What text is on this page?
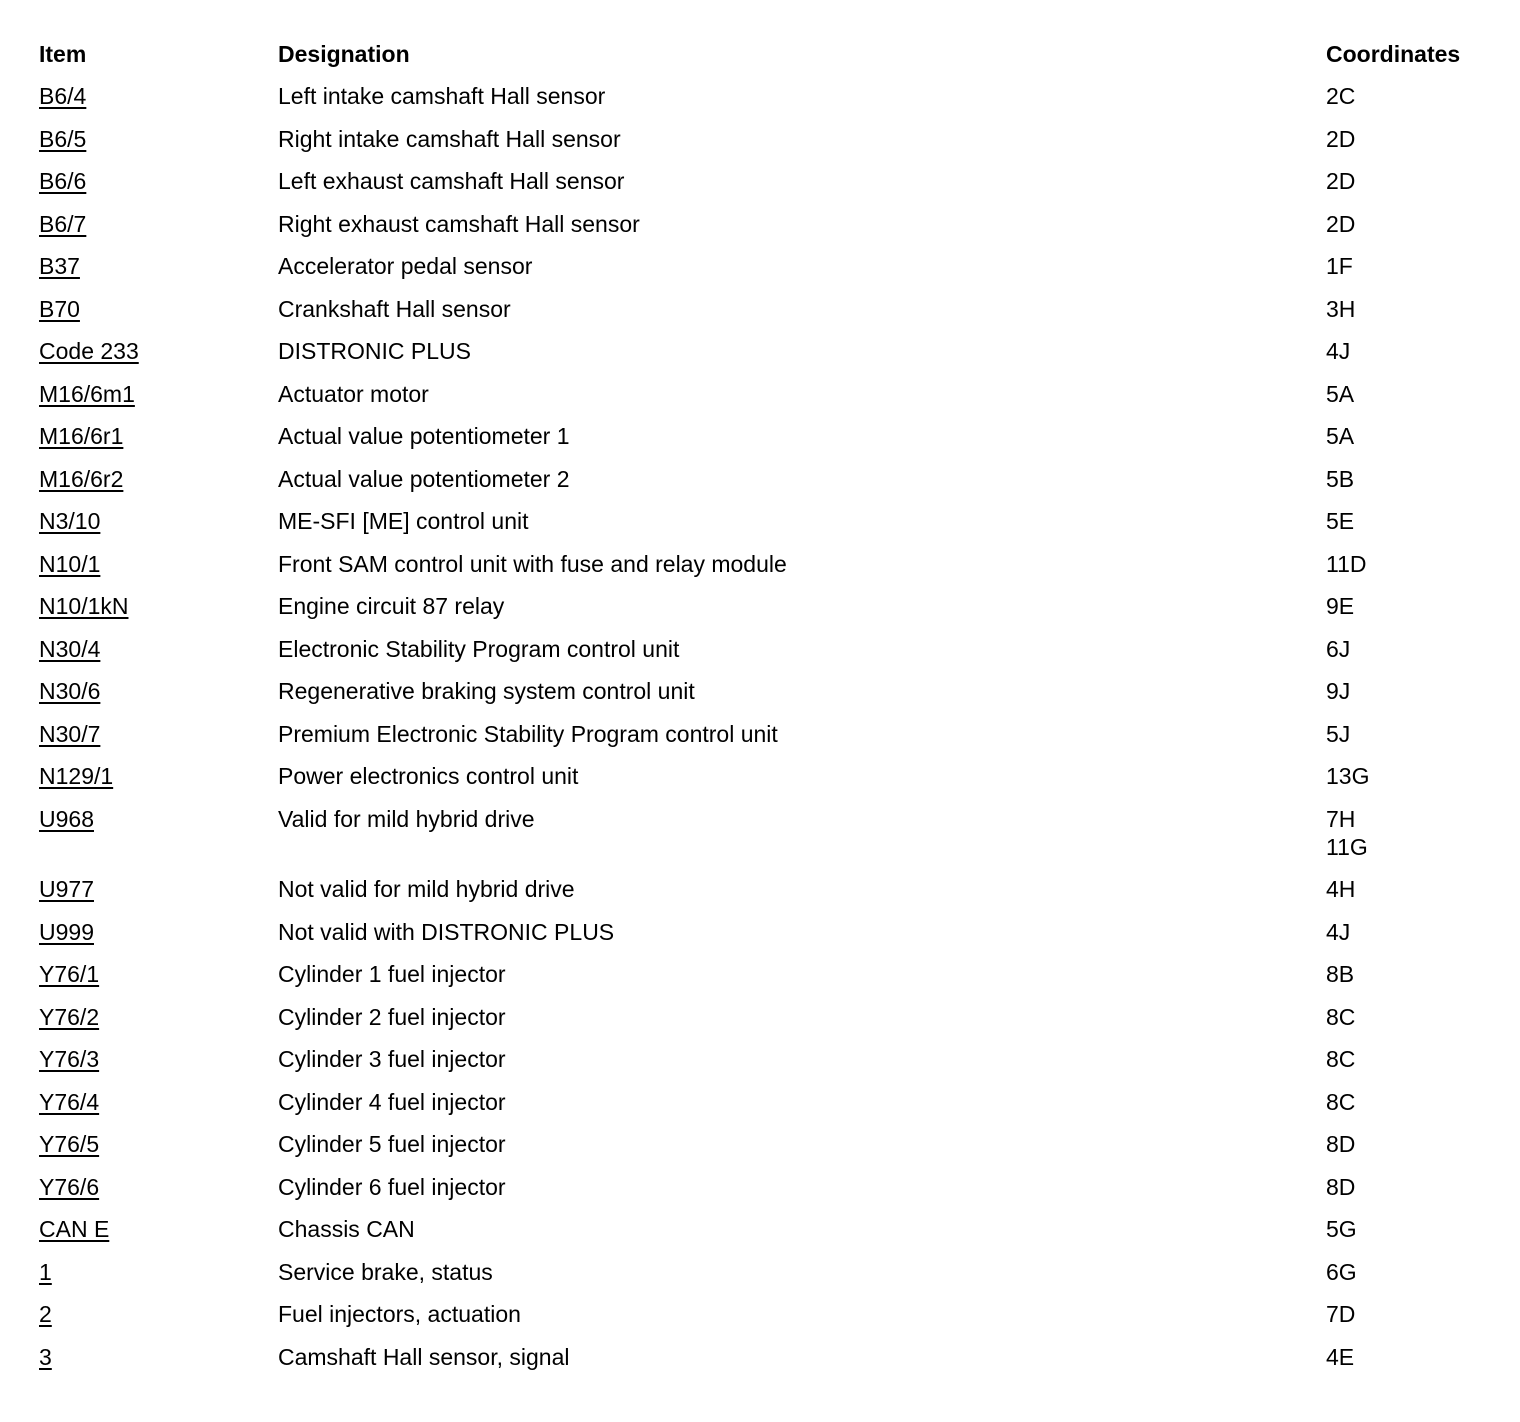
Item	Designation	Coordinates
B6/4	Left intake camshaft Hall sensor	2C
B6/5	Right intake camshaft Hall sensor	2D
B6/6	Left exhaust camshaft Hall sensor	2D
B6/7	Right exhaust camshaft Hall sensor	2D
B37	Accelerator pedal sensor	1F
B70	Crankshaft Hall sensor	3H
Code 233	DISTRONIC PLUS	4J
M16/6m1	Actuator motor	5A
M16/6r1	Actual value potentiometer 1	5A
M16/6r2	Actual value potentiometer 2	5B
N3/10	ME-SFI [ME] control unit	5E
N10/1	Front SAM control unit with fuse and relay module	11D
N10/1kN	Engine circuit 87 relay	9E
N30/4	Electronic Stability Program control unit	6J
N30/6	Regenerative braking system control unit	9J
N30/7	Premium Electronic Stability Program control unit	5J
N129/1	Power electronics control unit	13G
U968	Valid for mild hybrid drive	7H
11G
U977	Not valid for mild hybrid drive	4H
U999	Not valid with DISTRONIC PLUS	4J
Y76/1	Cylinder 1 fuel injector	8B
Y76/2	Cylinder 2 fuel injector	8C
Y76/3	Cylinder 3 fuel injector	8C
Y76/4	Cylinder 4 fuel injector	8C
Y76/5	Cylinder 5 fuel injector	8D
Y76/6	Cylinder 6 fuel injector	8D
CAN E	Chassis CAN	5G
1	Service brake, status	6G
2	Fuel injectors, actuation	7D
3	Camshaft Hall sensor, signal	4E
